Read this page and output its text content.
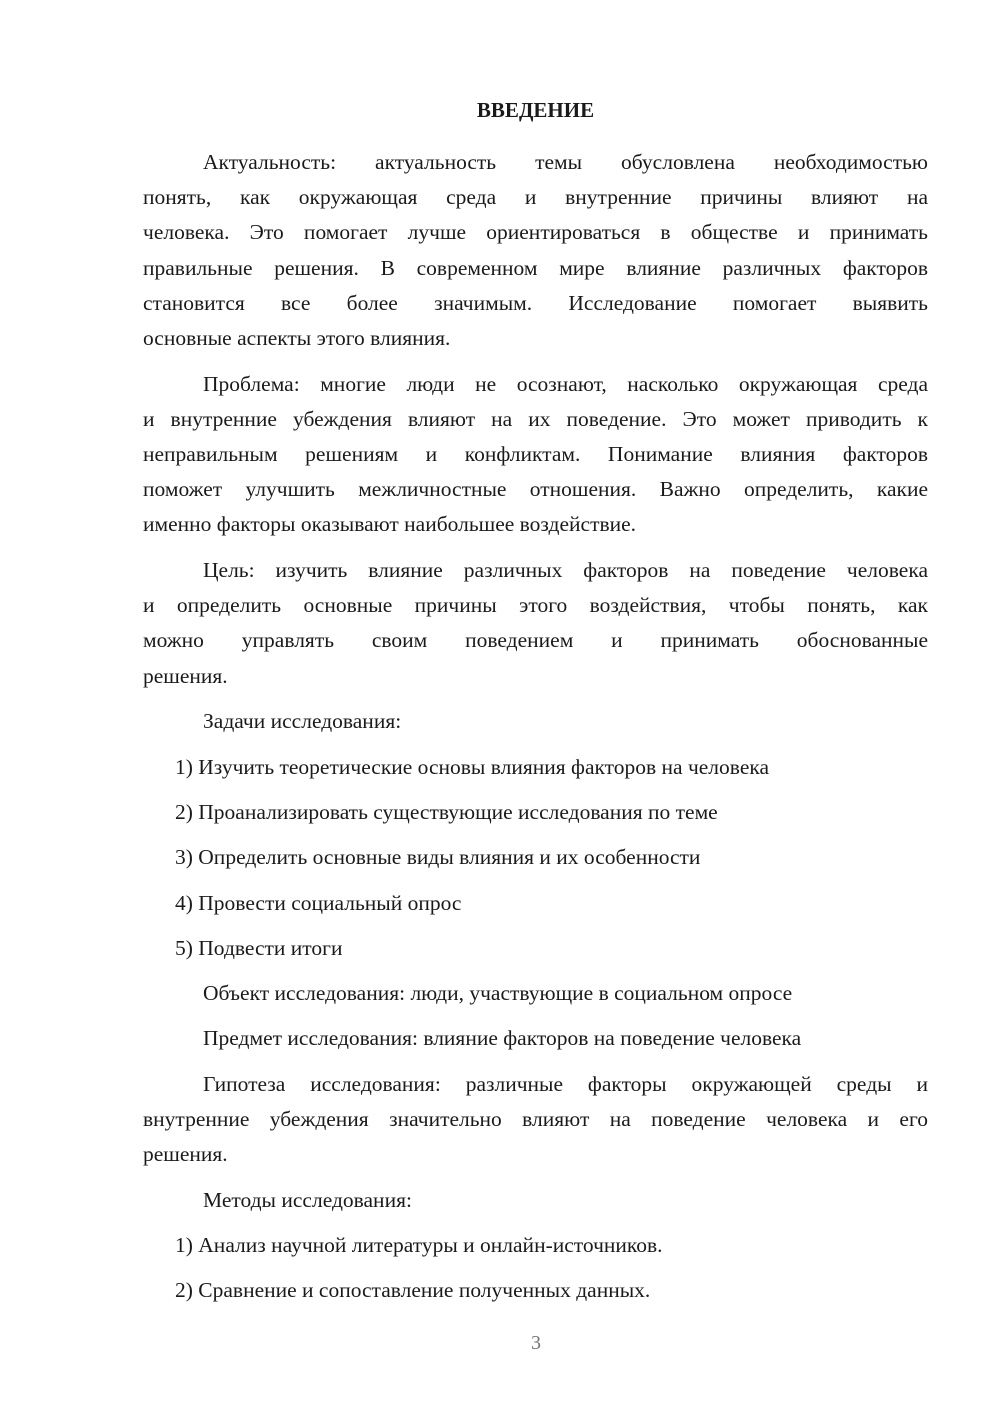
ВВЕДЕНИЕ
Актуальность: актуальность темы обусловлена необходимостью
понять, как окружающая среда и внутренние причины влияют на
человека. Это помогает лучше ориентироваться в обществе и принимать
правильные решения. В современном мире влияние различных факторов
становится все более значимым. Исследование помогает выявить
основные аспекты этого влияния.
Проблема: многие люди не осознают, насколько окружающая среда
и внутренние убеждения влияют на их поведение. Это может приводить к
неправильным решениям и конфликтам. Понимание влияния факторов
поможет улучшить межличностные отношения. Важно определить, какие
именно факторы оказывают наибольшее воздействие.
Цель: изучить влияние различных факторов на поведение человека
и определить основные причины этого воздействия, чтобы понять, как
можно управлять своим поведением и принимать обоснованные
решения.
Задачи исследования:
1) Изучить теоретические основы влияния факторов на человека
2) Проанализировать существующие исследования по теме
3) Определить основные виды влияния и их особенности
4) Провести социальный опрос
5) Подвести итоги
Объект исследования: люди, участвующие в социальном опросе
Предмет исследования: влияние факторов на поведение человека
Гипотеза исследования: различные факторы окружающей среды и
внутренние убеждения значительно влияют на поведение человека и его
решения.
Методы исследования:
1) Анализ научной литературы и онлайн-источников.
2) Сравнение и сопоставление полученных данных.
3
